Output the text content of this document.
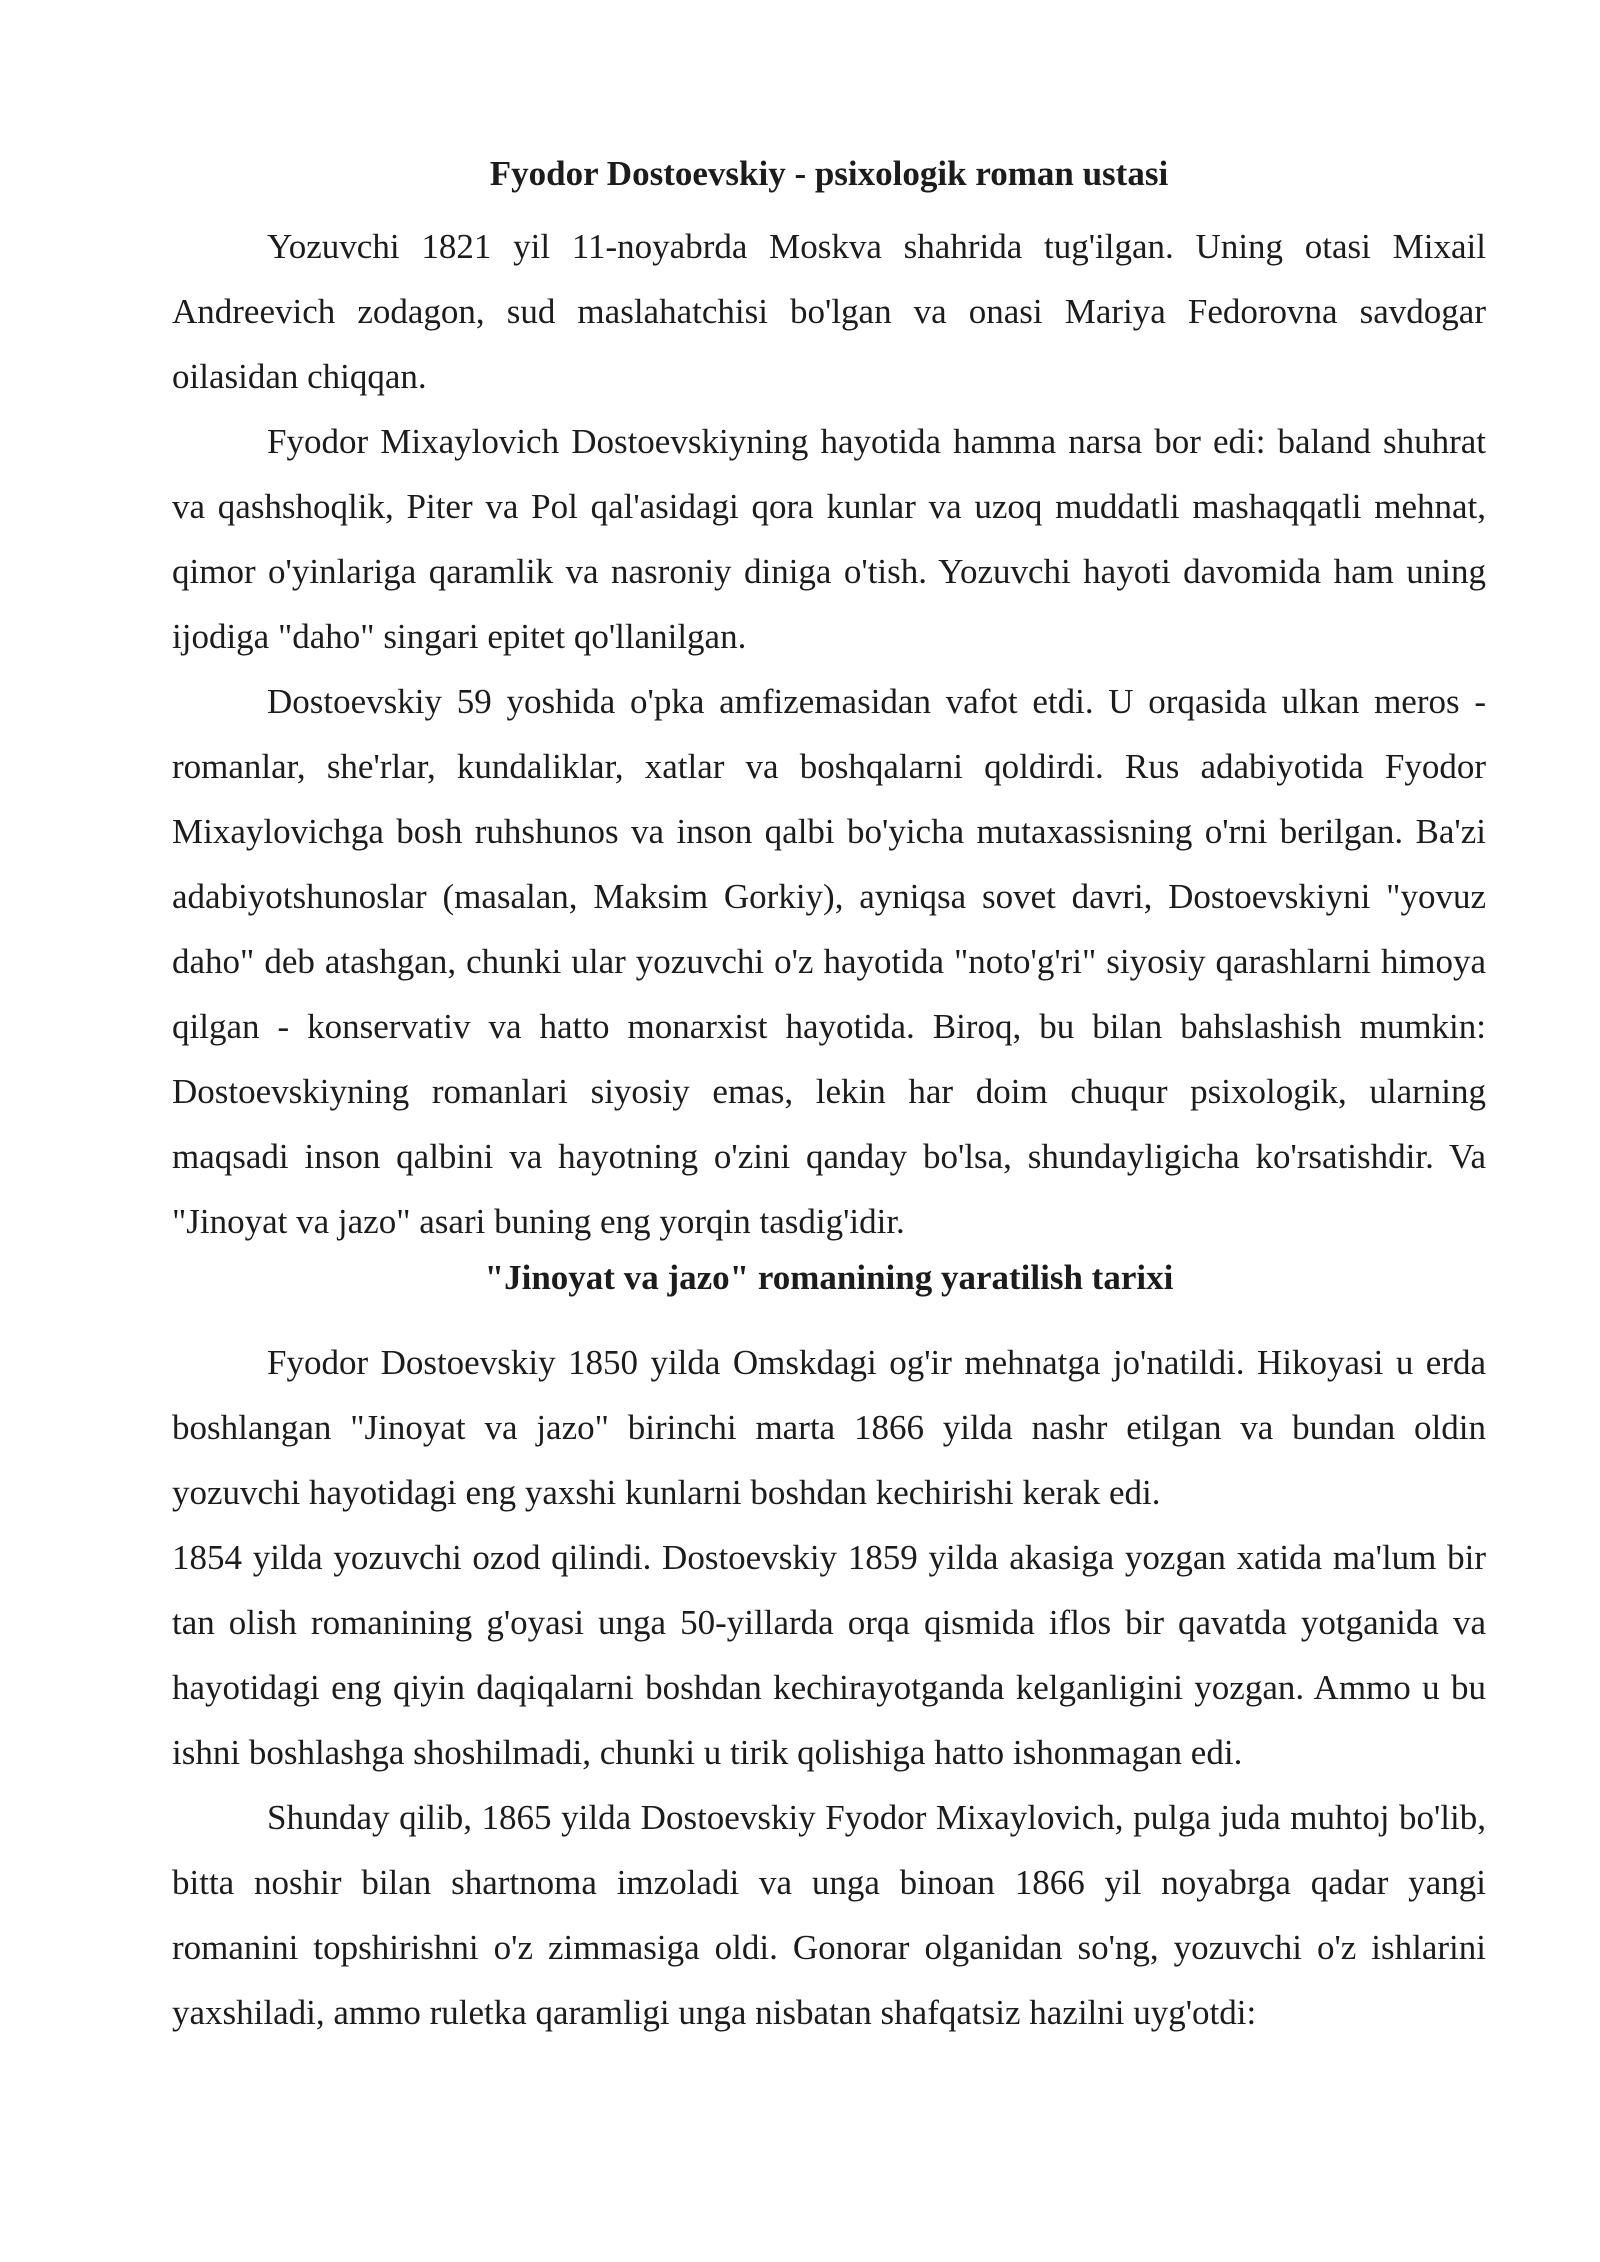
Fyodor Dostoevskiy - psixologik roman ustasi

Yozuvchi 1821 yil 11-noyabrda Moskva shahrida tug'ilgan. Uning otasi Mixail Andreevich zodagon, sud maslahatchisi bo'lgan va onasi Mariya Fedorovna savdogar oilasidan chiqqan.

Fyodor Mixaylovich Dostoevskiyning hayotida hamma narsa bor edi: baland shuhrat va qashshoqlik, Piter va Pol qal'asidagi qora kunlar va uzoq muddatli mashaqqatli mehnat, qimor o'yinlariga qaramlik va nasroniy diniga o'tish. Yozuvchi hayoti davomida ham uning ijodiga "daho" singari epitet qo'llanilgan.

Dostoevskiy 59 yoshida o'pka amfizemasidan vafot etdi. U orqasida ulkan meros - romanlar, she'rlar, kundaliklar, xatlar va boshqalarni qoldirdi. Rus adabiyotida Fyodor Mixaylovichga bosh ruhshunos va inson qalbi bo'yicha mutaxassisning o'rni berilgan. Ba'zi adabiyotshunoslar (masalan, Maksim Gorkiy), ayniqsa sovet davri, Dostoevskiyni "yovuz daho" deb atashgan, chunki ular yozuvchi o'z hayotida "noto'g'ri" siyosiy qarashlarni himoya qilgan - konservativ va hatto monarxist hayotida. Biroq, bu bilan bahslashish mumkin: Dostoevskiyning romanlari siyosiy emas, lekin har doim chuqur psixologik, ularning maqsadi inson qalbini va hayotning o'zini qanday bo'lsa, shundayligicha ko'rsatishdir. Va "Jinoyat va jazo" asari buning eng yorqin tasdig'idir.

"Jinoyat va jazo" romanining yaratilish tarixi

Fyodor Dostoevskiy 1850 yilda Omskdagi og'ir mehnatga jo'natildi. Hikoyasi u erda boshlangan "Jinoyat va jazo" birinchi marta 1866 yilda nashr etilgan va bundan oldin yozuvchi hayotidagi eng yaxshi kunlarni boshdan kechirishi kerak edi.

1854 yilda yozuvchi ozod qilindi. Dostoevskiy 1859 yilda akasiga yozgan xatida ma'lum bir tan olish romanining g'oyasi unga 50-yillarda orqa qismida iflos bir qavatda yotganida va hayotidagi eng qiyin daqiqalarni boshdan kechirayotganda kelganligini yozgan. Ammo u bu ishni boshlashga shoshilmadi, chunki u tirik qolishiga hatto ishonmagan edi.

Shunday qilib, 1865 yilda Dostoevskiy Fyodor Mixaylovich, pulga juda muhtoj bo'lib, bitta noshir bilan shartnoma imzoladi va unga binoan 1866 yil noyabrga qadar yangi romanini topshirishni o'z zimmasiga oldi. Gonorar olganidan so'ng, yozuvchi o'z ishlarini yaxshiladi, ammo ruletka qaramligi unga nisbatan shafqatsiz hazilni uyg'otdi:
